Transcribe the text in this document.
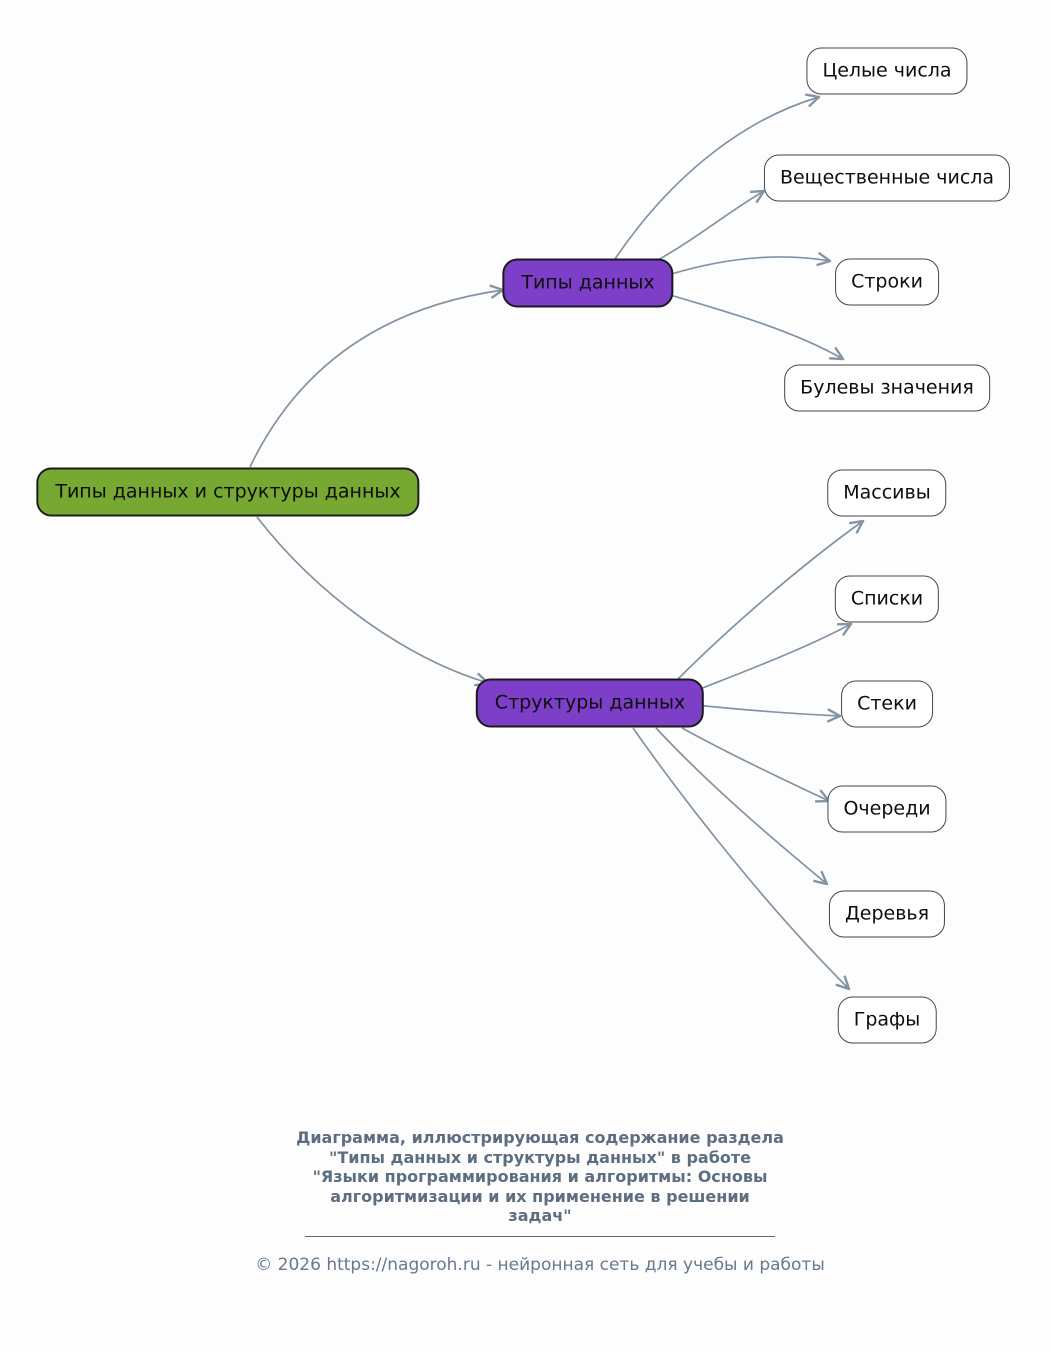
Типы данных и структуры данных
Типы данных
Структуры данных
Целые числа
Вещественные числа
Строки
Булевы значения
Массивы
Списки
Стеки
Очереди
Деревья
Графы
Диаграмма, иллюстрирующая содержание раздела
"Типы данных и структуры данных" в работе
"Языки программирования и алгоритмы: Основы
алгоритмизации и их применение в решении
задач"
© 2026 https://nagoroh.ru - нейронная сеть для учебы и работы
